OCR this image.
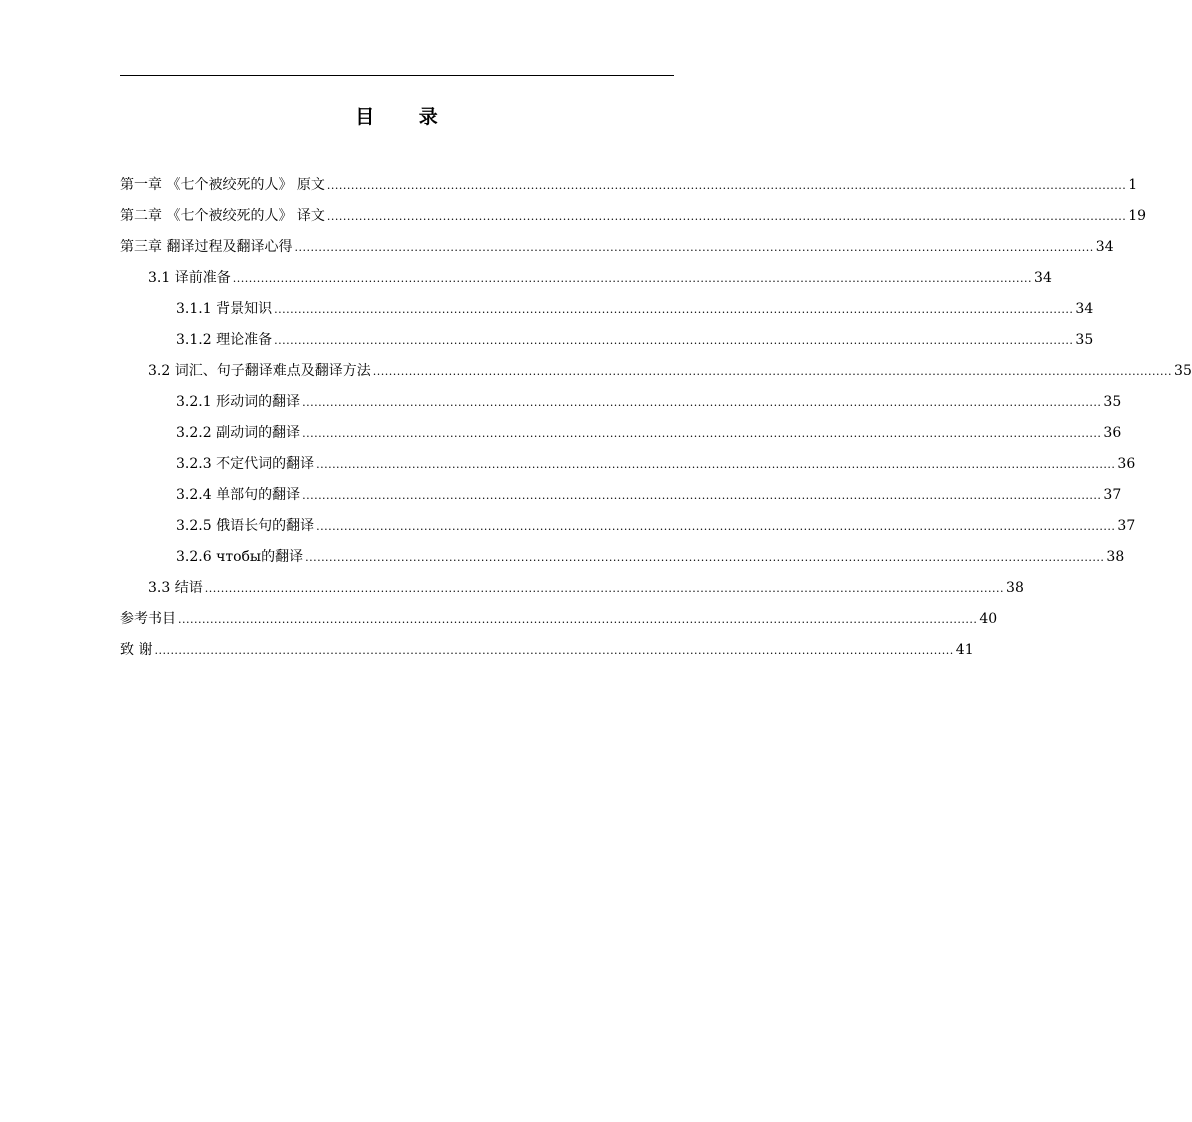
目 录
第一章 《七个被绞死的人》 原文 ........................................................................................................................................................................................................ 1
第二章 《七个被绞死的人》 译文 ........................................................................................................................................................................................................ 19
第三章 翻译过程及翻译心得 ........................................................................................................................................................................................................ 34
3.1 译前准备 ........................................................................................................................................................................................................ 34
3.1.1 背景知识 ........................................................................................................................................................................................................ 34
3.1.2 理论准备 ........................................................................................................................................................................................................ 35
3.2 词汇、句子翻译难点及翻译方法 ........................................................................................................................................................................................................ 35
3.2.1 形动词的翻译 ........................................................................................................................................................................................................ 35
3.2.2 副动词的翻译 ........................................................................................................................................................................................................ 36
3.2.3 不定代词的翻译 ........................................................................................................................................................................................................ 36
3.2.4 单部句的翻译 ........................................................................................................................................................................................................ 37
3.2.5 俄语长句的翻译 ........................................................................................................................................................................................................ 37
3.2.6 чтобы的翻译 ........................................................................................................................................................................................................ 38
3.3 结语 ........................................................................................................................................................................................................ 38
参考书目 ........................................................................................................................................................................................................ 40
致 谢 ........................................................................................................................................................................................................ 41
